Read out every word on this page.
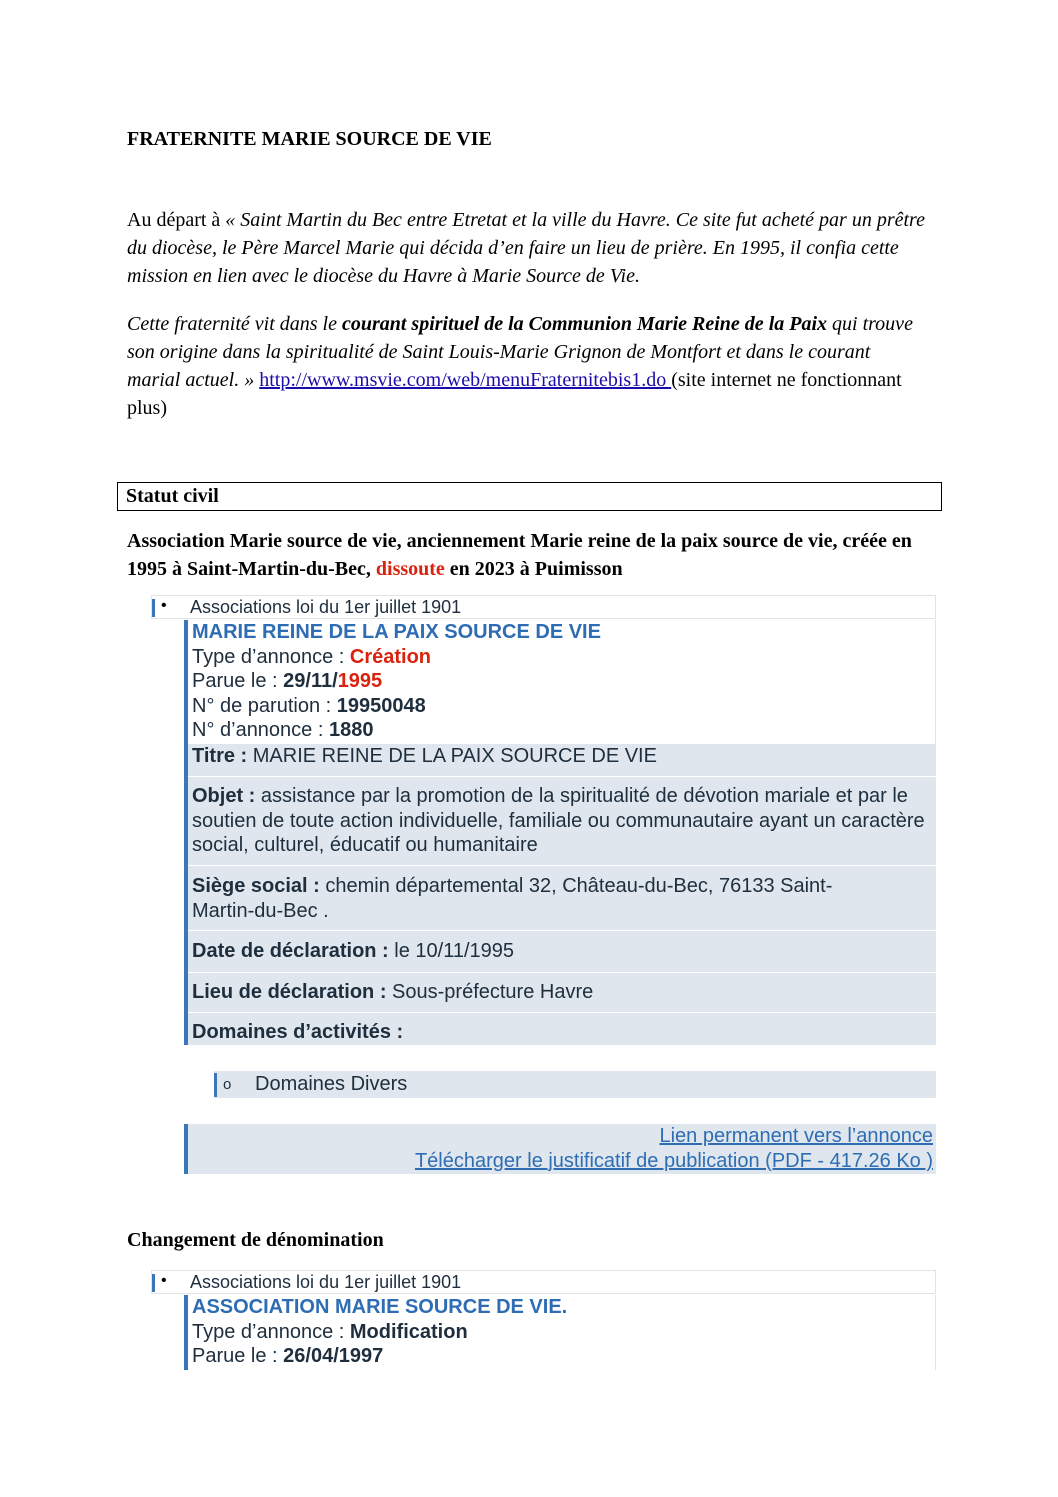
FRATERNITE MARIE SOURCE DE VIE
Au départ à « Saint Martin du Bec entre Etretat et la ville du Havre. Ce site fut acheté par un prêtre du diocèse, le Père Marcel Marie qui décida d’en faire un lieu de prière. En 1995, il confia cette mission en lien avec le diocèse du Havre à Marie Source de Vie.
Cette fraternité vit dans le courant spirituel de la Communion Marie Reine de la Paix qui trouve son origine dans la spiritualité de Saint Louis-Marie Grignon de Montfort et dans le courant marial actuel. » http://www.msvie.com/web/menuFraternitebis1.do (site internet ne fonctionnant plus)
Statut civil
Association Marie source de vie, anciennement Marie reine de la paix source de vie, créée en 1995 à Saint-Martin-du-Bec, dissoute en 2023 à Puimisson
• Associations loi du 1er juillet 1901
MARIE REINE DE LA PAIX SOURCE DE VIE
Type d’annonce : Création
Parue le : 29/11/1995
N° de parution : 19950048
N° d’annonce : 1880
Titre : MARIE REINE DE LA PAIX SOURCE DE VIE
Objet : assistance par la promotion de la spiritualité de dévotion mariale et par le soutien de toute action individuelle, familiale ou communautaire ayant un caractère social, culturel, éducatif ou humanitaire
Siège social : chemin départemental 32, Château-du-Bec, 76133 Saint-Martin-du-Bec .
Date de déclaration : le 10/11/1995
Lieu de déclaration : Sous-préfecture Havre
Domaines d’activités :
o Domaines Divers
Lien permanent vers l’annonce
Télécharger le justificatif de publication (PDF - 417.26 Ko )
Changement de dénomination
• Associations loi du 1er juillet 1901
ASSOCIATION MARIE SOURCE DE VIE.
Type d’annonce : Modification
Parue le : 26/04/1997
